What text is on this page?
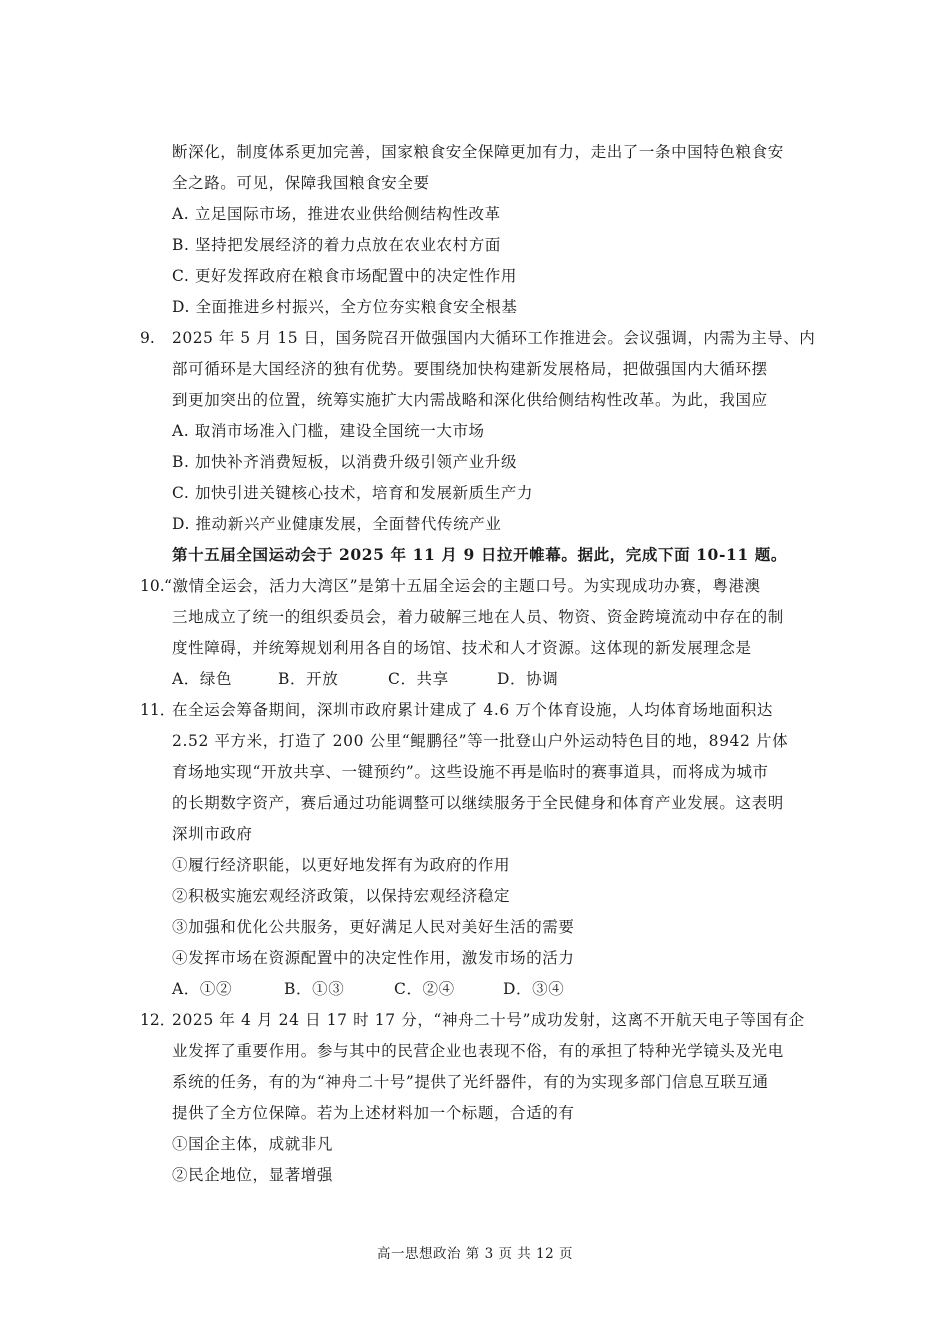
断深化，制度体系更加完善，国家粮食安全保障更加有力，走出了一条中国特色粮食安
全之路。可见，保障我国粮食安全要
A. 立足国际市场，推进农业供给侧结构性改革
B. 坚持把发展经济的着力点放在农业农村方面
C. 更好发挥政府在粮食市场配置中的决定性作用
D. 全面推进乡村振兴，全方位夯实粮食安全根基
9. 2025 年 5 月 15 日，国务院召开做强国内大循环工作推进会。会议强调，内需为主导、内
部可循环是大国经济的独有优势。要围绕加快构建新发展格局，把做强国内大循环摆
到更加突出的位置，统筹实施扩大内需战略和深化供给侧结构性改革。为此，我国应
A. 取消市场准入门槛，建设全国统一大市场
B. 加快补齐消费短板，以消费升级引领产业升级
C. 加快引进关键核心技术，培育和发展新质生产力
D. 推动新兴产业健康发展，全面替代传统产业
第十五届全国运动会于 2025 年 11 月 9 日拉开帷幕。据此，完成下面 10-11 题。
10. “激情全运会，活力大湾区”是第十五届全运会的主题口号。为实现成功办赛，粤港澳
三地成立了统一的组织委员会，着力破解三地在人员、物资、资金跨境流动中存在的制
度性障碍，并统筹规划利用各自的场馆、技术和人才资源。这体现的新发展理念是
A．绿色	B．开放	C．共享	D．协调
11．
在全运会筹备期间，深圳市政府累计建成了 4.6 万个体育设施，人均体育场地面积达
2.52 平方米，打造了 200 公里“鲲鹏径”等一批登山户外运动特色目的地，8942 片体
育场地实现“开放共享、一键预约”。这些设施不再是临时的赛事道具，而将成为城市
的长期数字资产，赛后通过功能调整可以继续服务于全民健身和体育产业发展。这表明
深圳市政府
①履行经济职能，以更好地发挥有为政府的作用
②积极实施宏观经济政策，以保持宏观经济稳定
③加强和优化公共服务，更好满足人民对美好生活的需要
④发挥市场在资源配置中的决定性作用，激发市场的活力
A．①②	B．①③	C．②④	D．③④
12．
2025 年 4 月 24 日 17 时 17 分，“神舟二十号”成功发射，这离不开航天电子等国有企
业发挥了重要作用。参与其中的民营企业也表现不俗，有的承担了特种光学镜头及光电
系统的任务，有的为“神舟二十号”提供了光纤器件，有的为实现多部门信息互联互通
提供了全方位保障。若为上述材料加一个标题，合适的有
①国企主体，成就非凡
②民企地位，显著增强
高一思想政治 第 3 页 共 12 页
